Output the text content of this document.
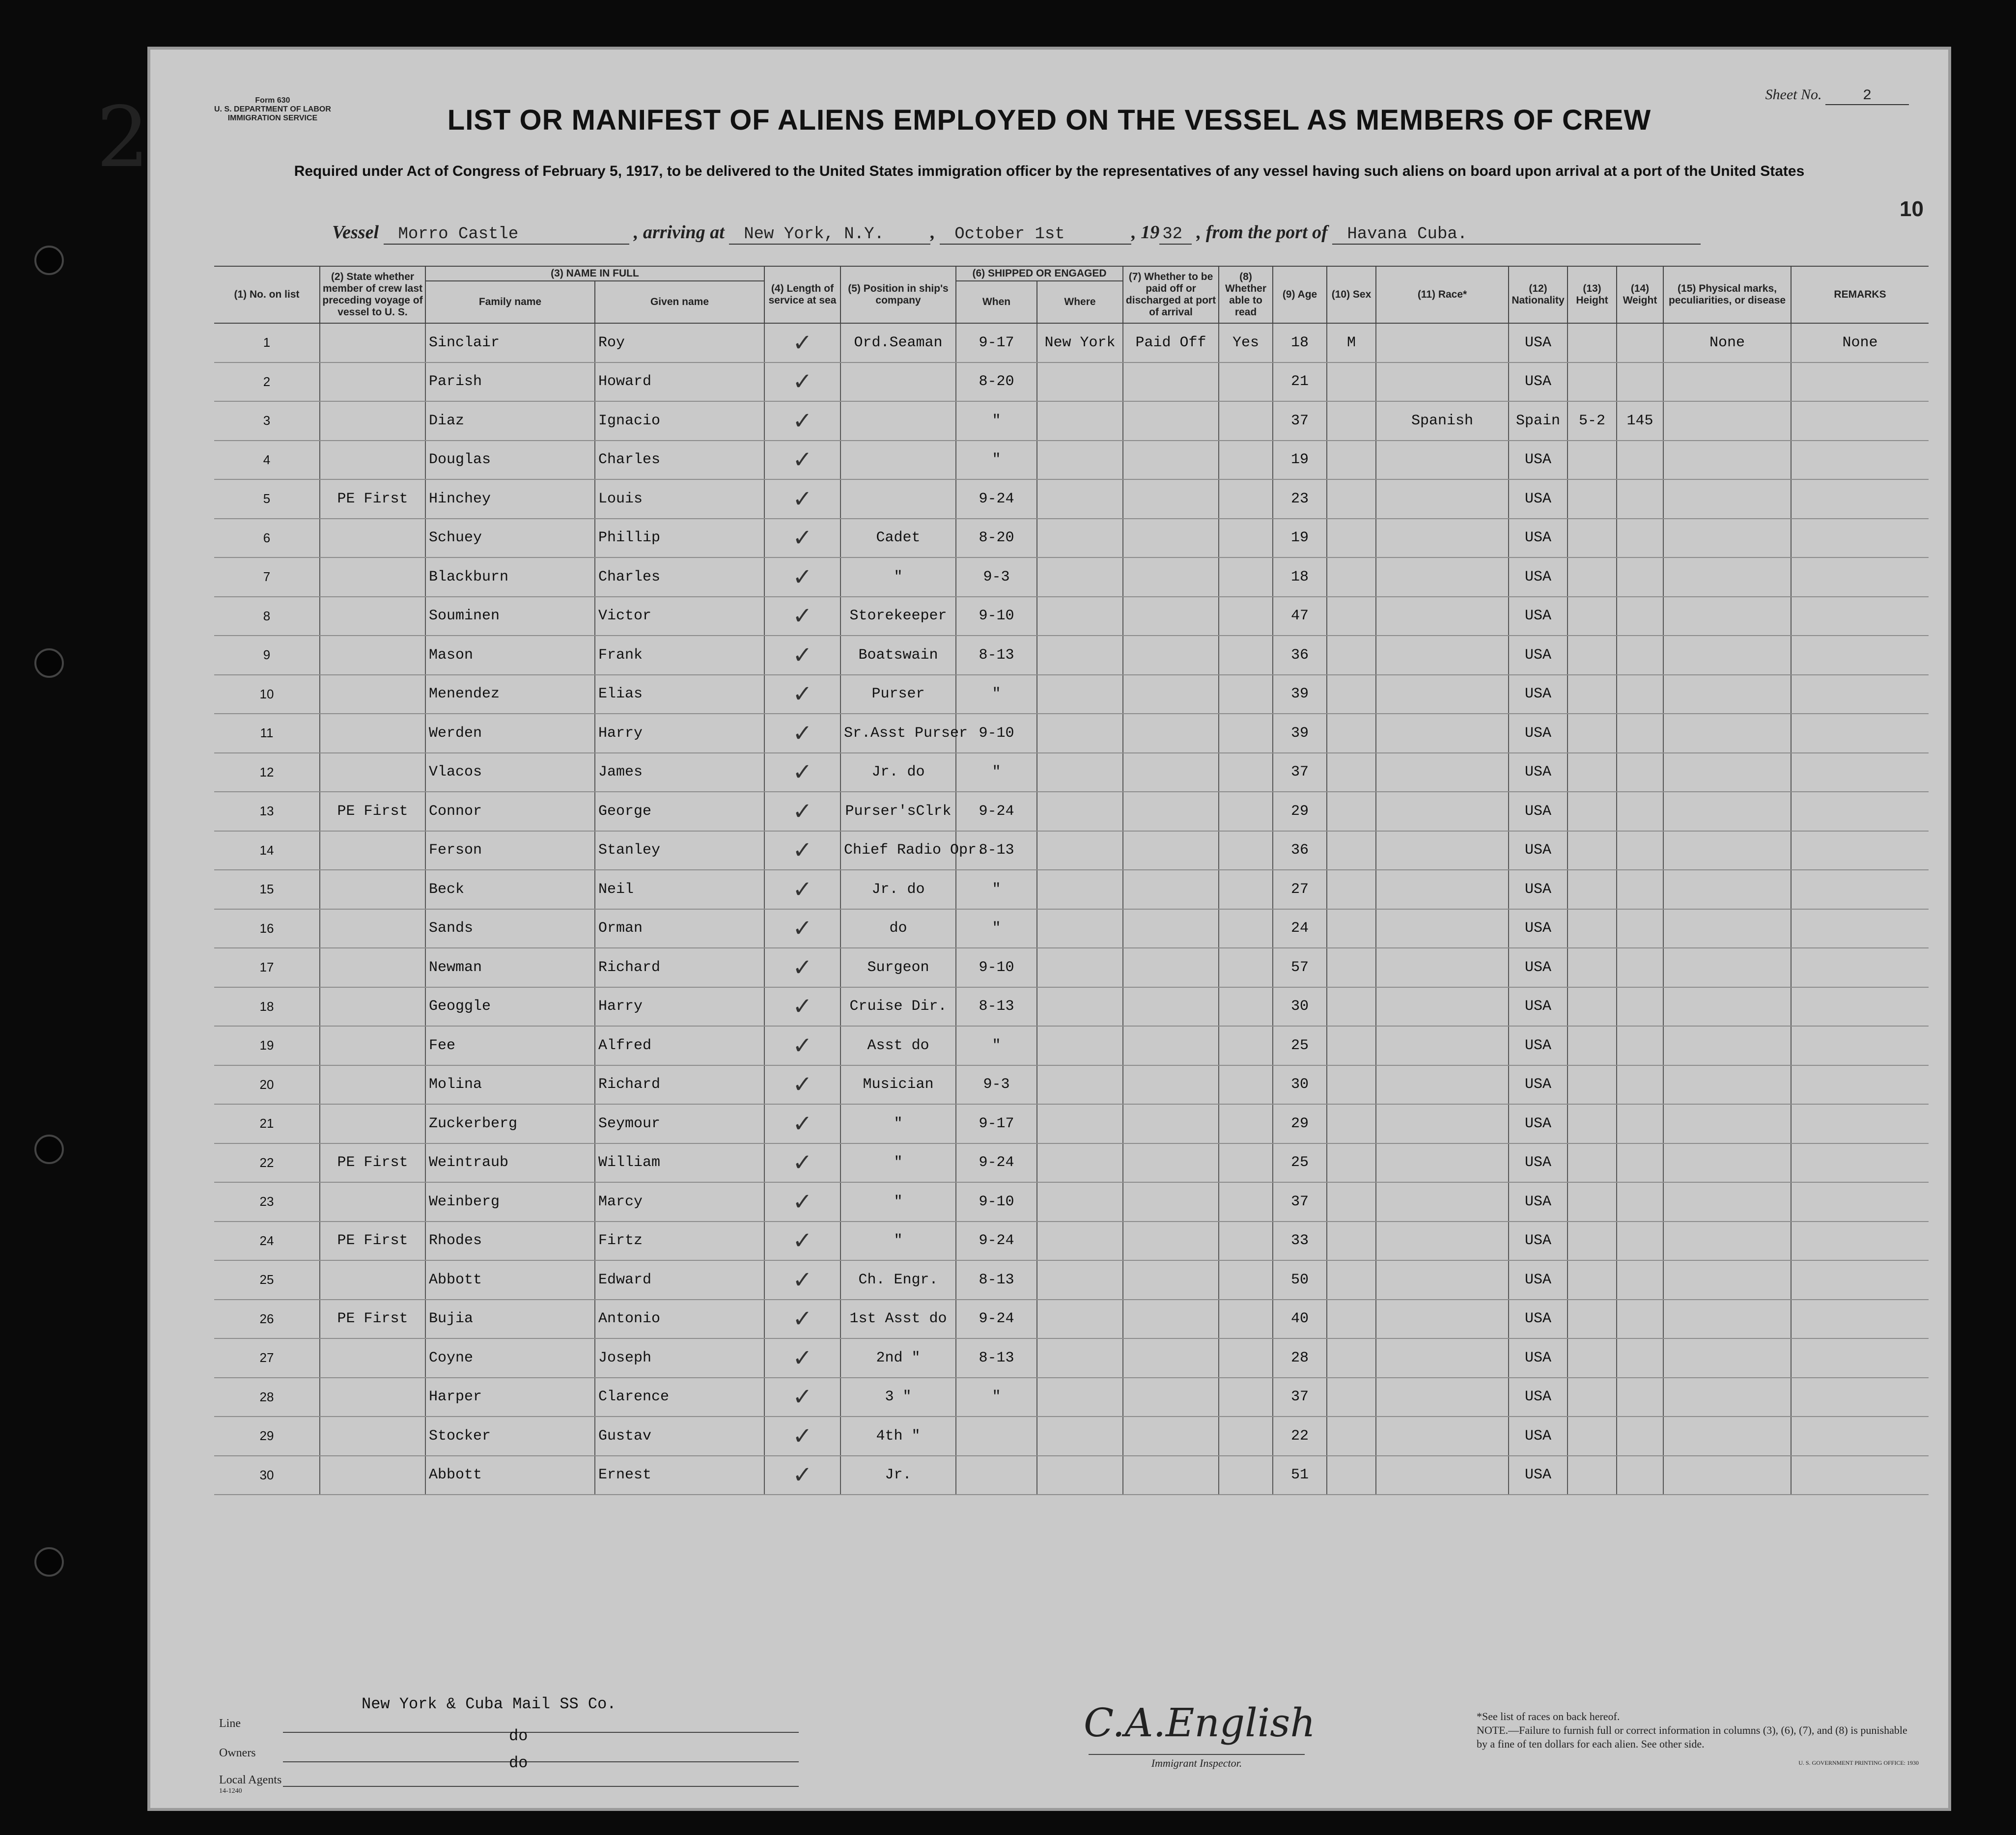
Form 630
U. S. DEPARTMENT OF LABOR
IMMIGRATION SERVICE
Sheet No.	2
LIST OR MANIFEST OF ALIENS EMPLOYED ON THE VESSEL AS MEMBERS OF CREW
Required under Act of Congress of February 5, 1917, to be delivered to the United States immigration officer by the representatives of any vessel having such aliens on board upon arrival at a port of the United States
10
Vessel Morro Castle	, arriving at New York, N.Y. , October 1st	, 19 32 , from the port of Havana Cuba.
2
(1) No. on list	(2) State whether member of crew last preceding voyage of vessel to U. S.	(3) NAME IN FULL		(4) Length of service at sea	(5) Position in ship's company	(6) SHIPPED OR ENGAGED		(7) Whether to be paid off or discharged at port of arrival	(8) Whether able to read	(9) Age	(10) Sex	(11) Race*	(12) Nationality	(13) Height	(14) Weight	(15) Physical marks, peculiarities, or disease	REMARKS
		Family name	Given name			When	Where										
1		Sinclair	Roy	✓	Ord.Seaman	9-17	New York	Paid Off	Yes	18	M		USA			None	None
2		Parish	Howard	✓		8-20				21			USA				
3		Diaz	Ignacio	✓		"				37		Spanish	Spain	5-2	145		
4		Douglas	Charles	✓		"				19			USA				
5	PE First	Hinchey	Louis	✓		9-24				23			USA				
6		Schuey	Phillip	✓	Cadet	8-20				19			USA				
7		Blackburn	Charles	✓	"	9-3				18			USA				
8		Souminen	Victor	✓	Storekeeper	9-10				47			USA				
9		Mason	Frank	✓	Boatswain	8-13				36			USA				
10		Menendez	Elias	✓	Purser	"				39			USA				
11		Werden	Harry	✓	Sr.Asst Purser	9-10				39			USA				
12		Vlacos	James	✓	Jr. do	"				37			USA				
13	PE First	Connor	George	✓	Purser'sClrk	9-24				29			USA				
14		Ferson	Stanley	✓	Chief Radio Opr.	8-13				36			USA				
15		Beck	Neil	✓	Jr. do	"				27			USA				
16		Sands	Orman	✓	do	"				24			USA				
17		Newman	Richard	✓	Surgeon	9-10				57			USA				
18		Geoggle	Harry	✓	Cruise Dir.	8-13				30			USA				
19		Fee	Alfred	✓	Asst do	"				25			USA				
20		Molina	Richard	✓	Musician	9-3				30			USA				
21		Zuckerberg	Seymour	✓	"	9-17				29			USA				
22	PE First	Weintraub	William	✓	"	9-24				25			USA				
23		Weinberg	Marcy	✓	"	9-10				37			USA				
24	PE First	Rhodes	Firtz	✓	"	9-24				33			USA				
25		Abbott	Edward	✓	Ch. Engr.	8-13				50			USA				
26	PE First	Bujia	Antonio	✓	1st Asst do	9-24				40			USA				
27		Coyne	Joseph	✓	2nd "	8-13				28			USA				
28		Harper	Clarence	✓	3 "	"				37			USA				
29		Stocker	Gustav	✓	4th "					22			USA				
30		Abbott	Ernest	✓	Jr.					51			USA				
Line
New York & Cuba Mail SS Co.
Owners
do
Local Agents
do
14-1240
C.A.English
Immigrant Inspector.
*See list of races on back hereof.
NOTE.—Failure to furnish full or correct information in columns (3), (6), (7), and (8) is punishable by a fine of ten dollars for each alien. See other side.
U. S. GOVERNMENT PRINTING OFFICE: 1930
